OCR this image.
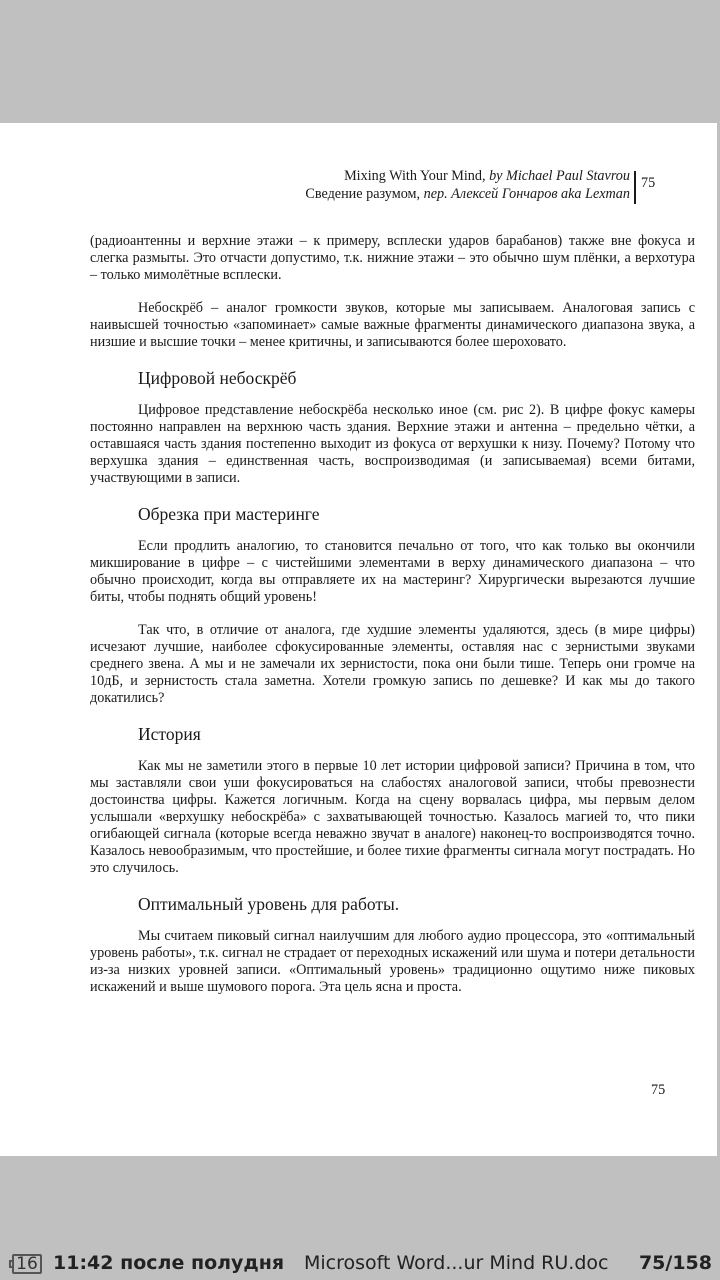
Mixing With Your Mind, by Michael Paul Stavrou
Сведение разумом, пер. Алексей Гончаров aka Lexman
75

(радиоантенны и верхние этажи – к примеру, всплески ударов барабанов) также вне фокуса и слегка размыты. Это отчасти допустимо, т.к. нижние этажи – это обычно шум плёнки, а верхотура – только мимолётные всплески.

Небоскрёб – аналог громкости звуков, которые мы записываем. Аналоговая запись с наивысшей точностью «запоминает» самые важные фрагменты динамического диапазона звука, а низшие и высшие точки – менее критичны, и записываются более шероховато.

Цифровой небоскрёб

Цифровое представление небоскрёба несколько иное (см. рис 2). В цифре фокус камеры постоянно направлен на верхнюю часть здания. Верхние этажи и антенна – предельно чётки, а оставшаяся часть здания постепенно выходит из фокуса от верхушки к низу. Почему? Потому что верхушка здания – единственная часть, воспроизводимая (и записываемая) всеми битами, участвующими в записи.

Обрезка при мастеринге

Если продлить аналогию, то становится печально от того, что как только вы окончили микширование в цифре – с чистейшими элементами в верху динамического диапазона – что обычно происходит, когда вы отправляете их на мастеринг? Хирургически вырезаются лучшие биты, чтобы поднять общий уровень!

Так что, в отличие от аналога, где худшие элементы удаляются, здесь (в мире цифры) исчезают лучшие, наиболее сфокусированные элементы, оставляя нас с зернистыми звуками среднего звена. А мы и не замечали их зернистости, пока они были тише. Теперь они громче на 10дБ, и зернистость стала заметна. Хотели громкую запись по дешевке? И как мы до такого докатились?

История

Как мы не заметили этого в первые 10 лет истории цифровой записи? Причина в том, что мы заставляли свои уши фокусироваться на слабостях аналоговой записи, чтобы превознести достоинства цифры. Кажется логичным. Когда на сцену ворвалась цифра, мы первым делом услышали «верхушку небоскрёба» с захватывающей точностью. Казалось магией то, что пики огибающей сигнала (которые всегда неважно звучат в аналоге) наконец-то воспроизводятся точно. Казалось невообразимым, что простейшие, и более тихие фрагменты сигнала могут пострадать. Но это случилось.

Оптимальный уровень для работы.

Мы считаем пиковый сигнал наилучшим для любого аудио процессора, это «оптимальный уровень работы», т.к. сигнал не страдает от переходных искажений или шума и потери детальности из-за низких уровней записи. «Оптимальный уровень» традиционно ощутимо ниже пиковых искажений и выше шумового порога. Эта цель ясна и проста.

75
16 11:42 после полудня Microsoft Word...ur Mind RU.doc 75/158
